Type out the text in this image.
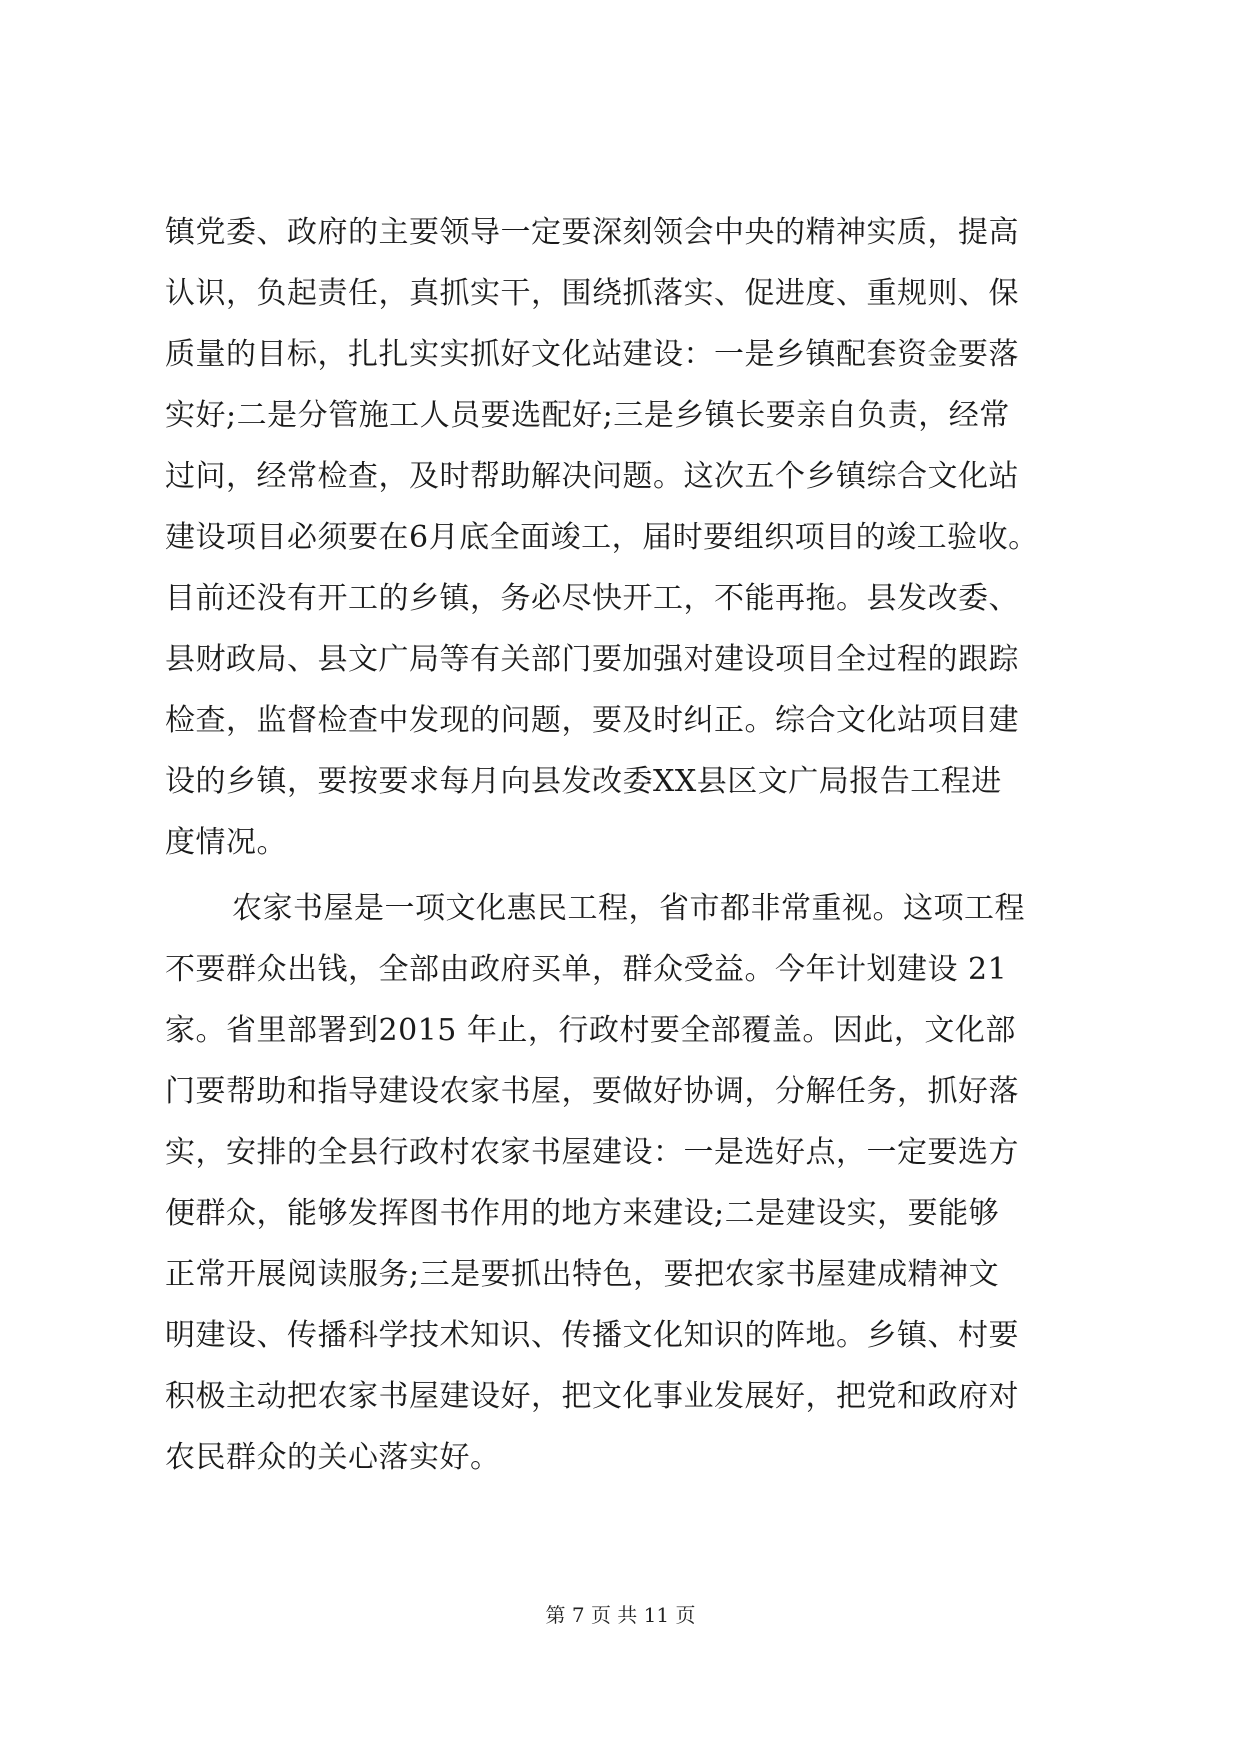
镇党委、政府的主要领导一定要深刻领会中央的精神实质，提高
认识，负起责任，真抓实干，围绕抓落实、促进度、重规则、保
质量的目标，扎扎实实抓好文化站建设：一是乡镇配套资金要落
实好;二是分管施工人员要选配好;三是乡镇长要亲自负责，经常
过问，经常检查，及时帮助解决问题。这次五个乡镇综合文化站
建设项目必须要在6月底全面竣工，届时要组织项目的竣工验收。
目前还没有开工的乡镇，务必尽快开工，不能再拖。县发改委、
县财政局、县文广局等有关部门要加强对建设项目全过程的跟踪
检查，监督检查中发现的问题，要及时纠正。综合文化站项目建
设的乡镇，要按要求每月向县发改委XX县区文广局报告工程进
度情况。
农家书屋是一项文化惠民工程，省市都非常重视。这项工程
不要群众出钱，全部由政府买单，群众受益。今年计划建设 21
家。省里部署到2015 年止，行政村要全部覆盖。因此，文化部
门要帮助和指导建设农家书屋，要做好协调，分解任务，抓好落
实，安排的全县行政村农家书屋建设：一是选好点，一定要选方
便群众，能够发挥图书作用的地方来建设;二是建设实，要能够
正常开展阅读服务;三是要抓出特色，要把农家书屋建成精神文
明建设、传播科学技术知识、传播文化知识的阵地。乡镇、村要
积极主动把农家书屋建设好，把文化事业发展好，把党和政府对
农民群众的关心落实好。
第 7 页 共 11 页
